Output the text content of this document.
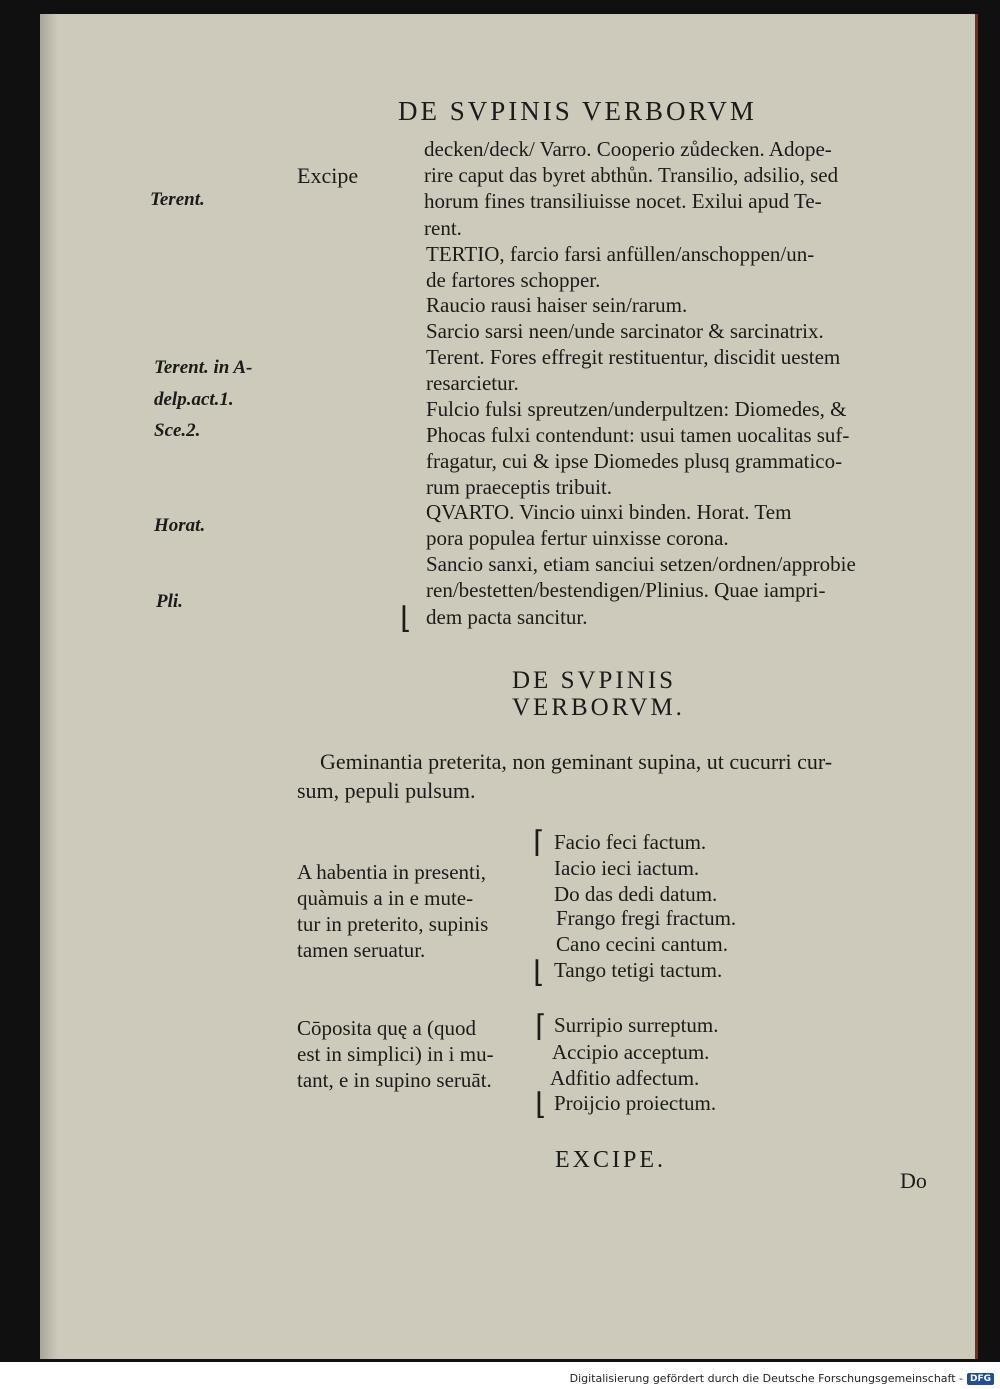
DE SVPINIS VERBORVM
Terent.
Terent. in A-
delp.act.1.
Sce.2.
Horat.
Pli.
Excipe
decken/deck/ Varro. Cooperio zůdecken. Adope-
rire caput das byret abthůn. Transilio, adsilio, sed
horum fines transiliuisse nocet. Exilui apud Te-
rent.
TERTIO, farcio farsi anfüllen/anschoppen/un-
de fartores schopper.
Raucio rausi haiser sein/rarum.
Sarcio sarsi neen/unde sarcinator & sarcinatrix.
Terent. Fores effregit restituentur, discidit uestem
resarcietur.
Fulcio fulsi spreutzen/underpultzen: Diomedes, &
Phocas fulxi contendunt: usui tamen uocalitas suf-
fragatur, cui & ipse Diomedes plusq grammatico-
rum praeceptis tribuit.
QVARTO. Vincio uinxi binden. Horat. Tem
pora populea fertur uinxisse corona.
Sancio sanxi, etiam sanciui setzen/ordnen/approbie
ren/bestetten/bestendigen/Plinius. Quae iampri-
dem pacta sancitur.
⌊
DE SVPINIS
VERBORVM.
Geminantia preterita, non geminant supina, ut cucurri cur-
sum, pepuli pulsum.
A habentia in presenti,
quàmuis a in e mute-
tur in preterito, supinis
tamen seruatur.
⌈
⌊
Facio feci factum.
Iacio ieci iactum.
Do das dedi datum.
Frango fregi fractum.
Cano cecini cantum.
Tango tetigi tactum.
Cōposita quę a (quod
est in simplici) in i mu-
tant, e in supino seruāt.
⌈
⌊
Surripio surreptum.
Accipio acceptum.
Adfitio adfectum.
Proijcio proiectum.
EXCIPE.
Do
Digitalisierung gefördert durch die Deutsche Forschungsgemeinschaft - DFG
